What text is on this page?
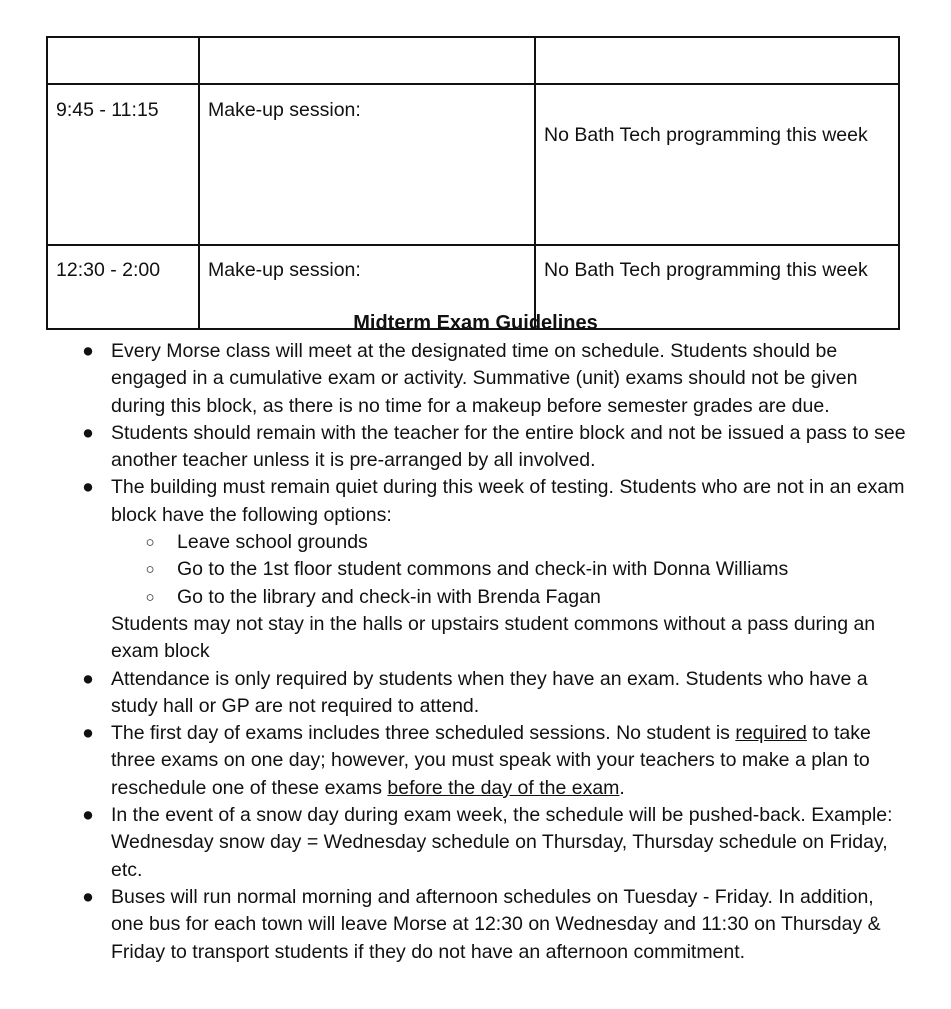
9:45 - 11:15	Make-up session:	No Bath Tech programming this week
12:30 - 2:00	Make-up session:	No Bath Tech programming this week
Midterm Exam Guidelines
● Every Morse class will meet at the designated time on schedule. Students should be engaged in a cumulative exam or activity. Summative (unit) exams should not be given during this block, as there is no time for a makeup before semester grades are due.
● Students should remain with the teacher for the entire block and not be issued a pass to see another teacher unless it is pre-arranged by all involved.
● The building must remain quiet during this week of testing. Students who are not in an exam block have the following options:
○ Leave school grounds
○ Go to the 1st floor student commons and check-in with Donna Williams
○ Go to the library and check-in with Brenda Fagan
Students may not stay in the halls or upstairs student commons without a pass during an exam block
● Attendance is only required by students when they have an exam. Students who have a study hall or GP are not required to attend.
● The first day of exams includes three scheduled sessions. No student is required to take three exams on one day; however, you must speak with your teachers to make a plan to reschedule one of these exams before the day of the exam.
● In the event of a snow day during exam week, the schedule will be pushed-back. Example: Wednesday snow day = Wednesday schedule on Thursday, Thursday schedule on Friday, etc.
● Buses will run normal morning and afternoon schedules on Tuesday - Friday. In addition, one bus for each town will leave Morse at 12:30 on Wednesday and 11:30 on Thursday & Friday to transport students if they do not have an afternoon commitment.
